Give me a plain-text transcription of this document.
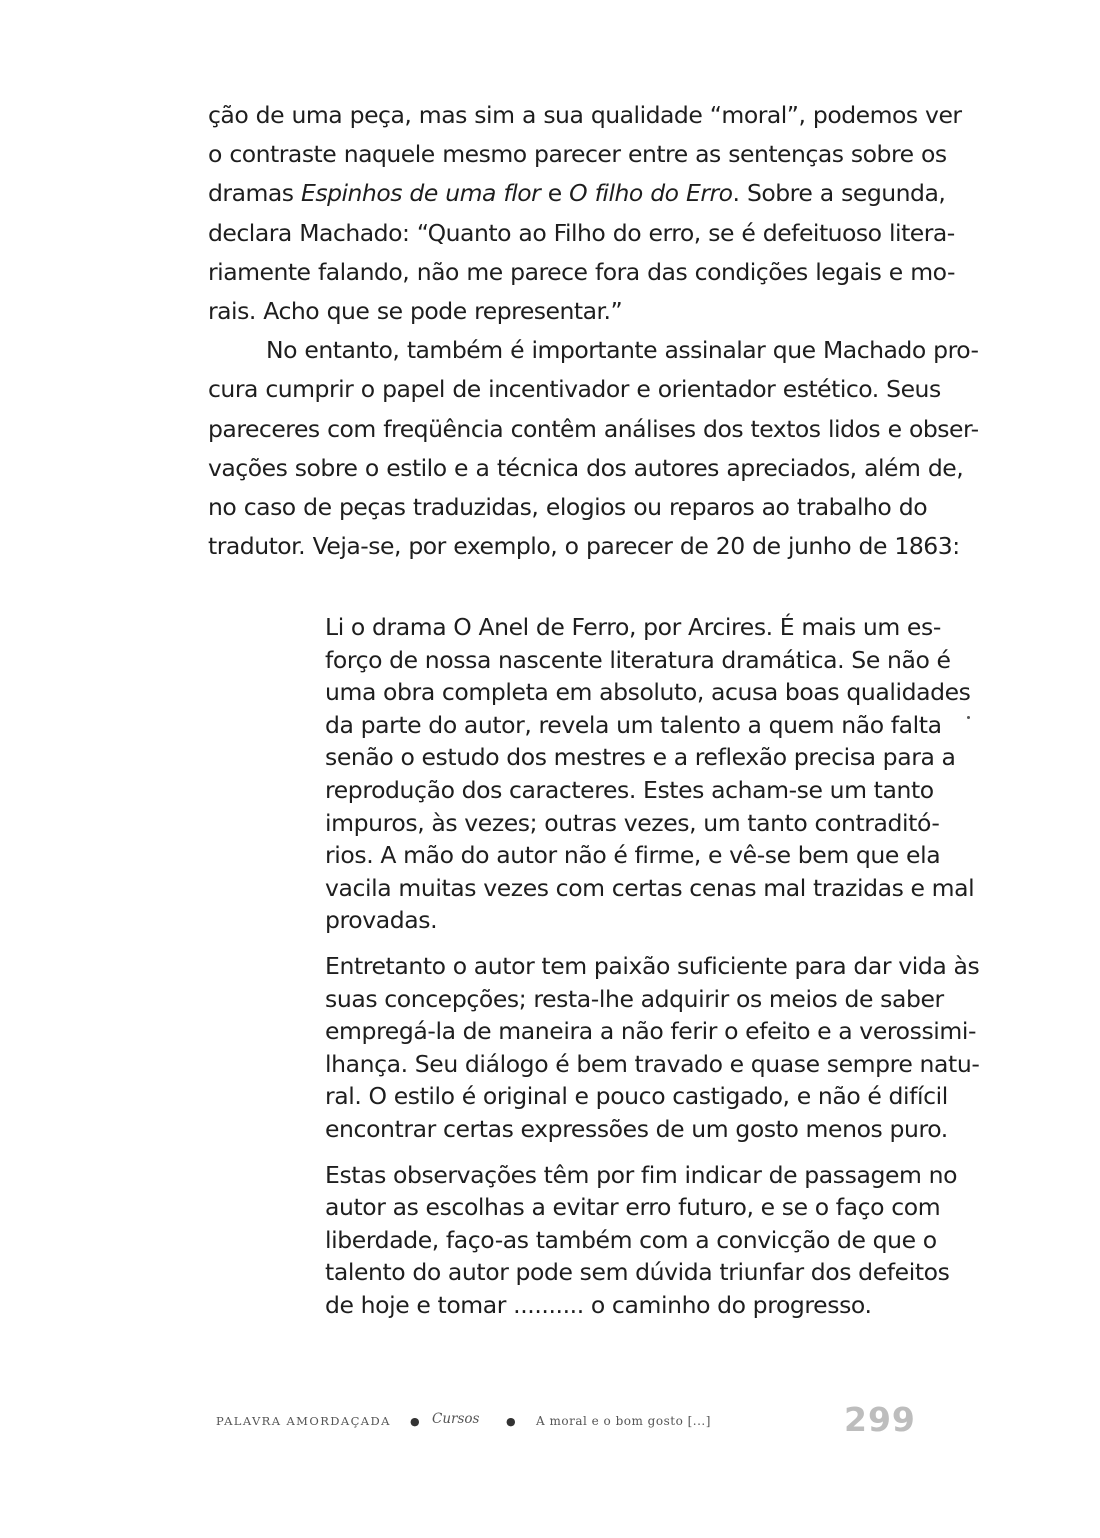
ção de uma peça, mas sim a sua qualidade “moral”, podemos ver
o contraste naquele mesmo parecer entre as sentenças sobre os
dramas Espinhos de uma flor e O filho do Erro. Sobre a segunda,
declara Machado: “Quanto ao Filho do erro, se é defeituoso litera-
riamente falando, não me parece fora das condições legais e mo-
rais. Acho que se pode representar.”
No entanto, também é importante assinalar que Machado pro-
cura cumprir o papel de incentivador e orientador estético. Seus
pareceres com freqüência contêm análises dos textos lidos e obser-
vações sobre o estilo e a técnica dos autores apreciados, além de,
no caso de peças traduzidas, elogios ou reparos ao trabalho do
tradutor. Veja-se, por exemplo, o parecer de 20 de junho de 1863:
Li o drama O Anel de Ferro, por Arcires. É mais um es-
forço de nossa nascente literatura dramática. Se não é
uma obra completa em absoluto, acusa boas qualidades
da parte do autor, revela um talento a quem não falta
senão o estudo dos mestres e a reflexão precisa para a
reprodução dos caracteres. Estes acham-se um tanto
impuros, às vezes; outras vezes, um tanto contraditó-
rios. A mão do autor não é firme, e vê-se bem que ela
vacila muitas vezes com certas cenas mal trazidas e mal
provadas.
Entretanto o autor tem paixão suficiente para dar vida às
suas concepções; resta-lhe adquirir os meios de saber
empregá-la de maneira a não ferir o efeito e a verossimi-
lhança. Seu diálogo é bem travado e quase sempre natu-
ral. O estilo é original e pouco castigado, e não é difícil
encontrar certas expressões de um gosto menos puro.
Estas observações têm por fim indicar de passagem no
autor as escolhas a evitar erro futuro, e se o faço com
liberdade, faço-as também com a convicção de que o
talento do autor pode sem dúvida triunfar dos defeitos
de hoje e tomar .......... o caminho do progresso.
PALAVRA AMORDAÇADA ● Cursos ● A moral e o bom gosto [...]	299
